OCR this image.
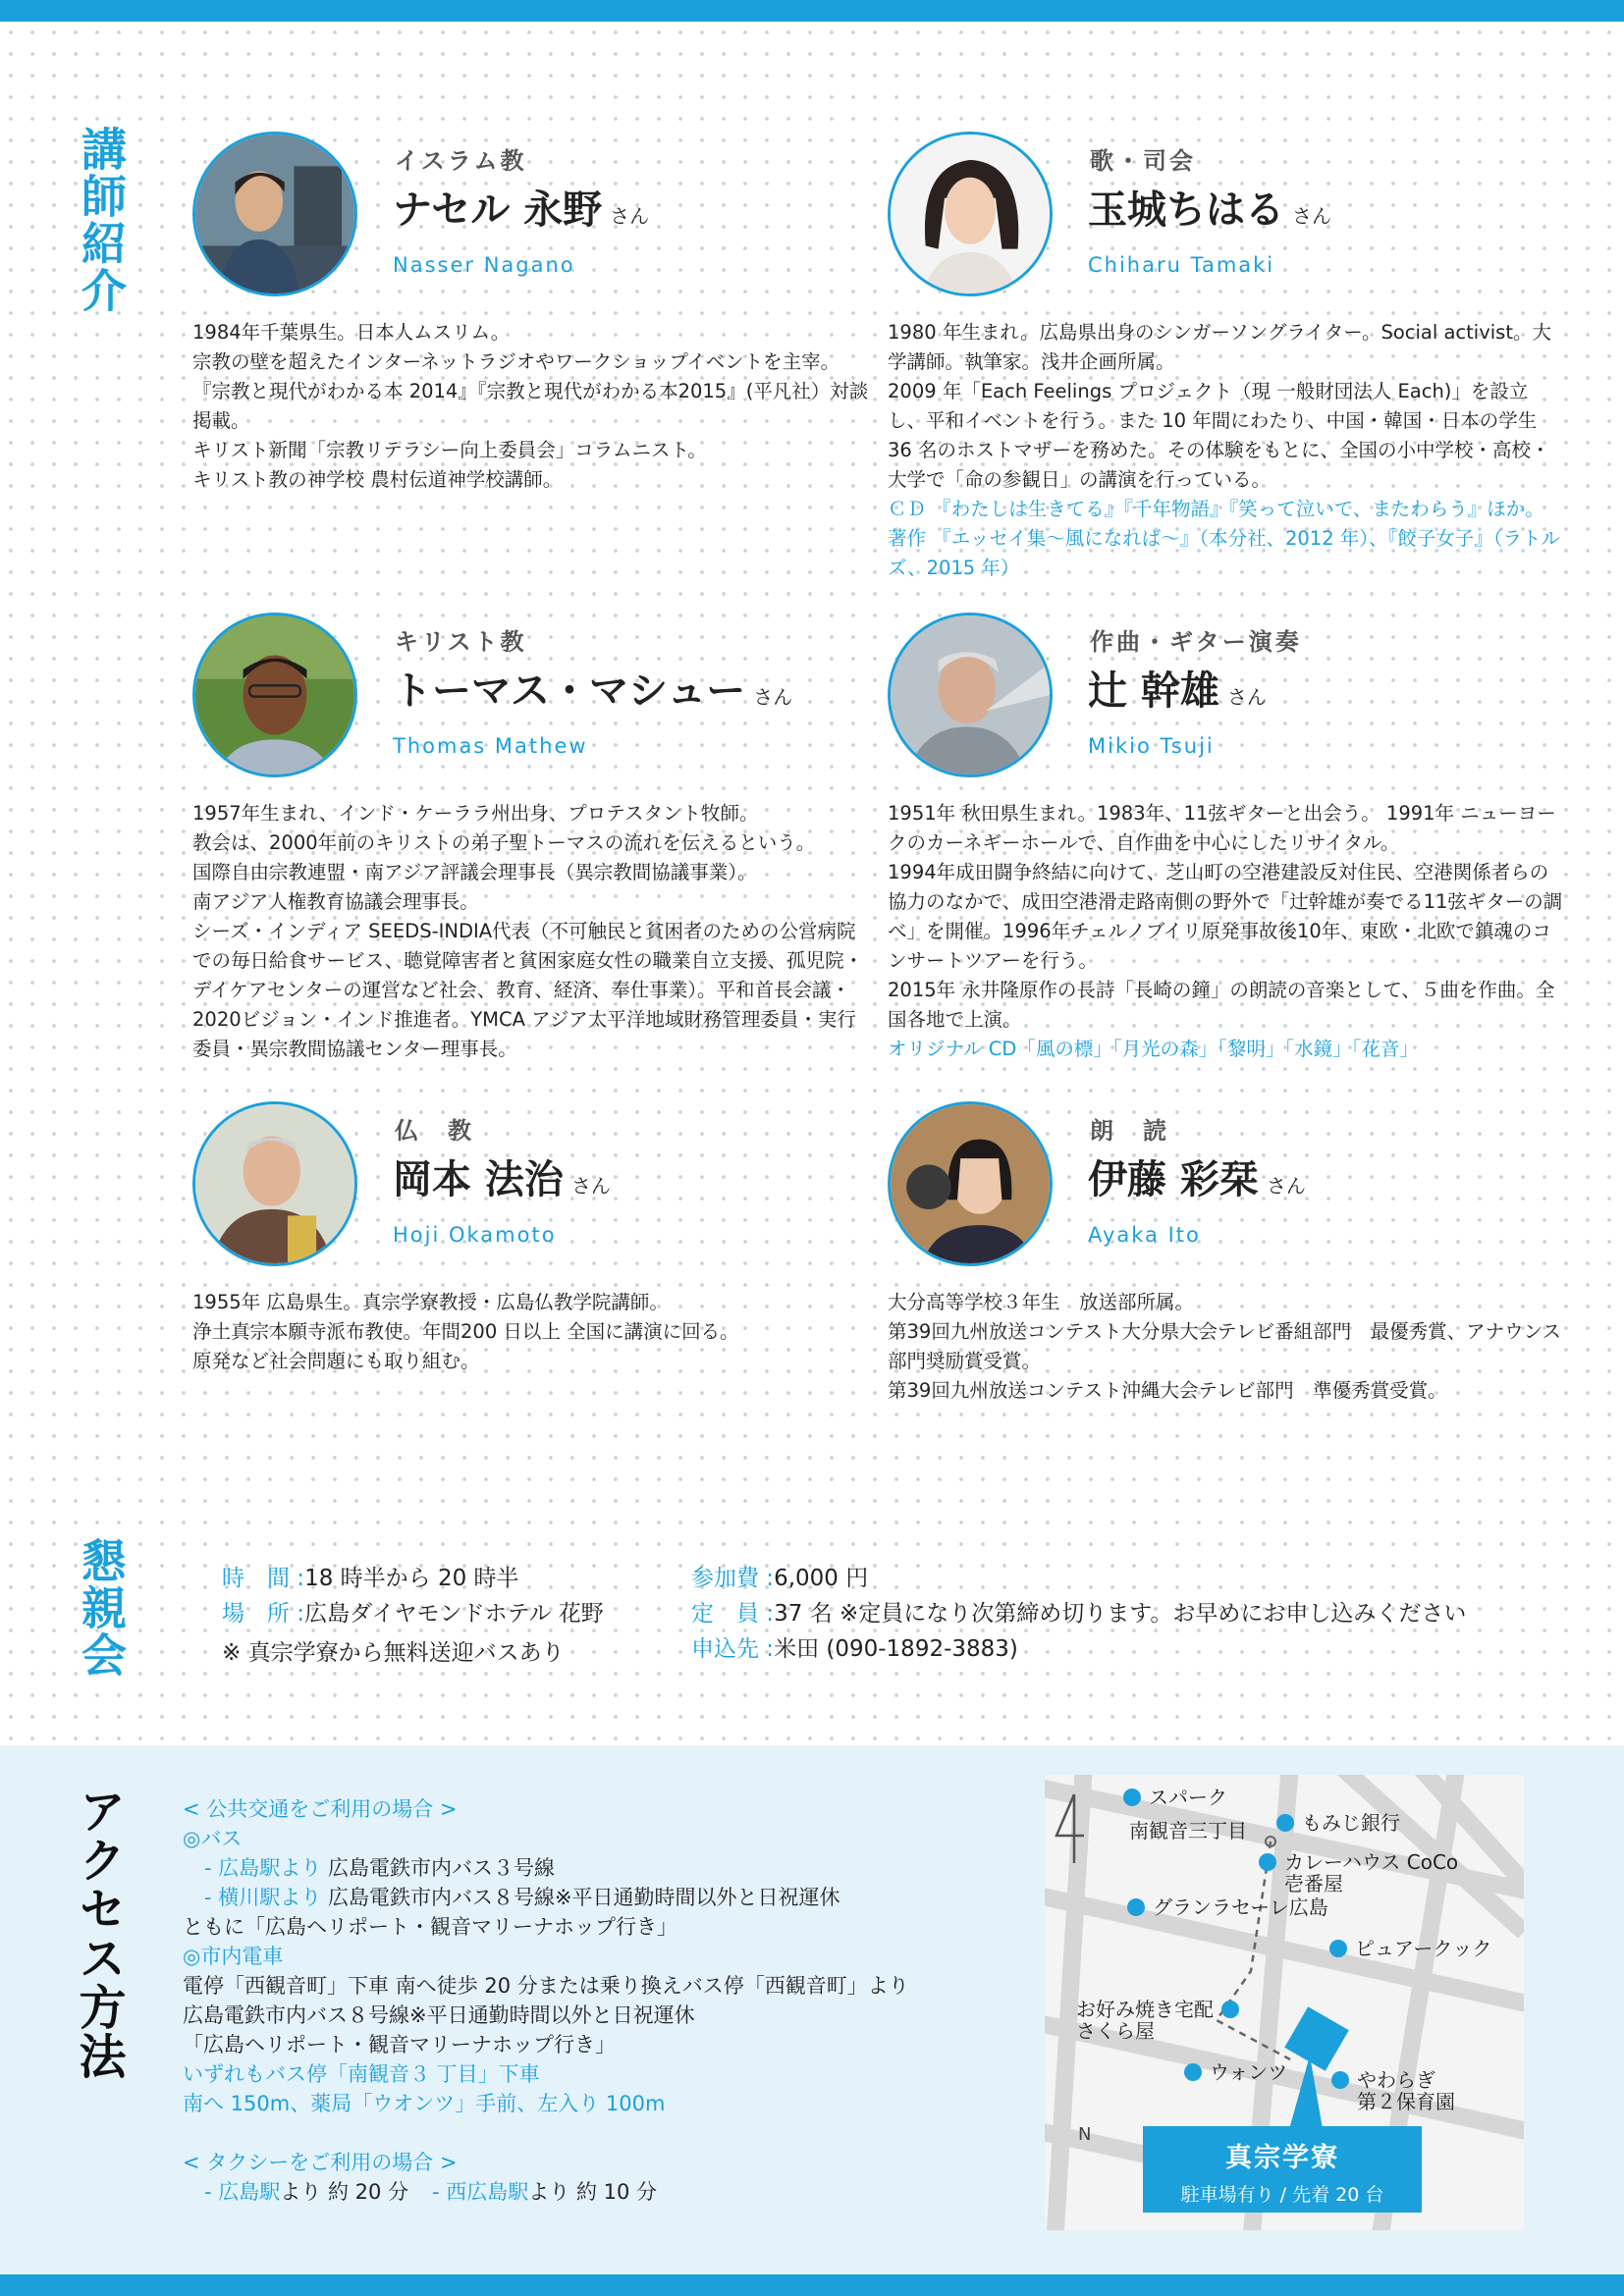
講師紹介	イスラム教
ナセル 永野 さん
Nasser Nagano

1984年千葉県生。日本人ムスリム。

宗教の壁を超えたインターネットラジオやワークショップイベントを主宰。

『宗教と現代がわかる本 2014』『宗教と現代がわかる本2015』(平凡社）対談掲載。

キリスト新聞「宗教リテラシー向上委員会」コラムニスト。

キリスト教の神学校 農村伝道神学校講師。

歌・司会
玉城ちはる さん
Chiharu Tamaki

1980 年生まれ。広島県出身のシンガーソングライター。Social activist。大学講師。執筆家。浅井企画所属。

2009 年「Each Feelings プロジェクト（現 一般財団法人 Each)」を設立し、平和イベントを行う。また 10 年間にわたり、中国・韓国・日本の学生 36 名のホストマザーを務めた。その体験をもとに、全国の小中学校・高校・大学で「命の参観日」の講演を行っている。

ＣＤ 『わたしは生きてる』『千年物語』『笑って泣いて、またわらう』ほか。

著作 『エッセイ集〜風になれば〜』（本分社、2012 年）、『餃子女子』（ラトルズ、2015 年）

キリスト教
トーマス・マシュー さん
Thomas Mathew

1957年生まれ、インド・ケーララ州出身、プロテスタント牧師。

教会は、2000年前のキリストの弟子聖トーマスの流れを伝えるという。

国際自由宗教連盟・南アジア評議会理事長（異宗教間協議事業）。

南アジア人権教育協議会理事長。

シーズ・インディア SEEDS-INDIA代表（不可触民と貧困者のための公営病院での毎日給食サービス、聴覚障害者と貧困家庭女性の職業自立支援、孤児院・デイケアセンターの運営など社会、教育、経済、奉仕事業）。平和首長会議・2020ビジョン・インド推進者。YMCA アジア太平洋地域財務管理委員・実行委員・異宗教間協議センター理事長。

作曲・ギター演奏
辻 幹雄 さん
Mikio Tsuji

1951年 秋田県生まれ。1983年、11弦ギターと出会う。 1991年 ニューヨークのカーネギーホールで、自作曲を中心にしたリサイタル。

1994年成田闘争終結に向けて、芝山町の空港建設反対住民、空港関係者らの協力のなかで、成田空港滑走路南側の野外で「辻幹雄が奏でる11弦ギターの調べ」を開催。1996年チェルノブイリ原発事故後10年、東欧・北欧で鎮魂のコンサートツアーを行う。

2015年 永井隆原作の長詩「長崎の鐘」の朗読の音楽として、５曲を作曲。全国各地で上演。

オリジナル CD「風の標」「月光の森」「黎明」「水鏡」「花音」

仏　教
岡本 法治 さん
Hoji Okamoto

1955年 広島県生。真宗学寮教授・広島仏教学院講師。

浄土真宗本願寺派布教使。年間200 日以上 全国に講演に回る。

原発など社会問題にも取り組む。

朗　読
伊藤 彩栞 さん
Ayaka Ito

大分高等学校３年生　放送部所属。

第39回九州放送コンテスト大分県大会テレビ番組部門　最優秀賞、アナウンス部門奨励賞受賞。

第39回九州放送コンテスト沖縄大会テレビ部門　準優秀賞受賞。

懇親会	時　間 :18 時半から 20 時半
場　所 :広島ダイヤモンドホテル 花野
※ 真宗学寮から無料送迎バスあり
参加費 :6,000 円
定　員 :37 名 ※定員になり次第締め切ります。お早めにお申し込みください
申込先 :米田 (090-1892-3883)
アクセス方法	< 公共交通をご利用の場合 >
◎バス
- 広島駅より 広島電鉄市内バス３号線
- 横川駅より 広島電鉄市内バス８号線※平日通勤時間以外と日祝運休
ともに「広島ヘリポート・観音マリーナホップ行き」
◎市内電車
電停「西観音町」下車 南へ徒歩 20 分または乗り換えバス停「西観音町」より
広島電鉄市内バス８号線※平日通勤時間以外と日祝運休
「広島ヘリポート・観音マリーナホップ行き」
いずれもバス停「南観音３ 丁目」下車
南へ 150m、薬局「ウオンツ」手前、左入り 100m
< タクシーをご利用の場合 >
- 広島駅より 約 20 分 - 西広島駅より 約 10 分
スパーク
もみじ銀行
南観音三丁目
カレーハウス CoCo
壱番屋
グランラセーレ広島
ピュアークック
お好み焼き宅配
さくら屋
ウォンツ	やわらぎ
第２保育園
N
真宗学寮
駐車場有り / 先着 20 台
